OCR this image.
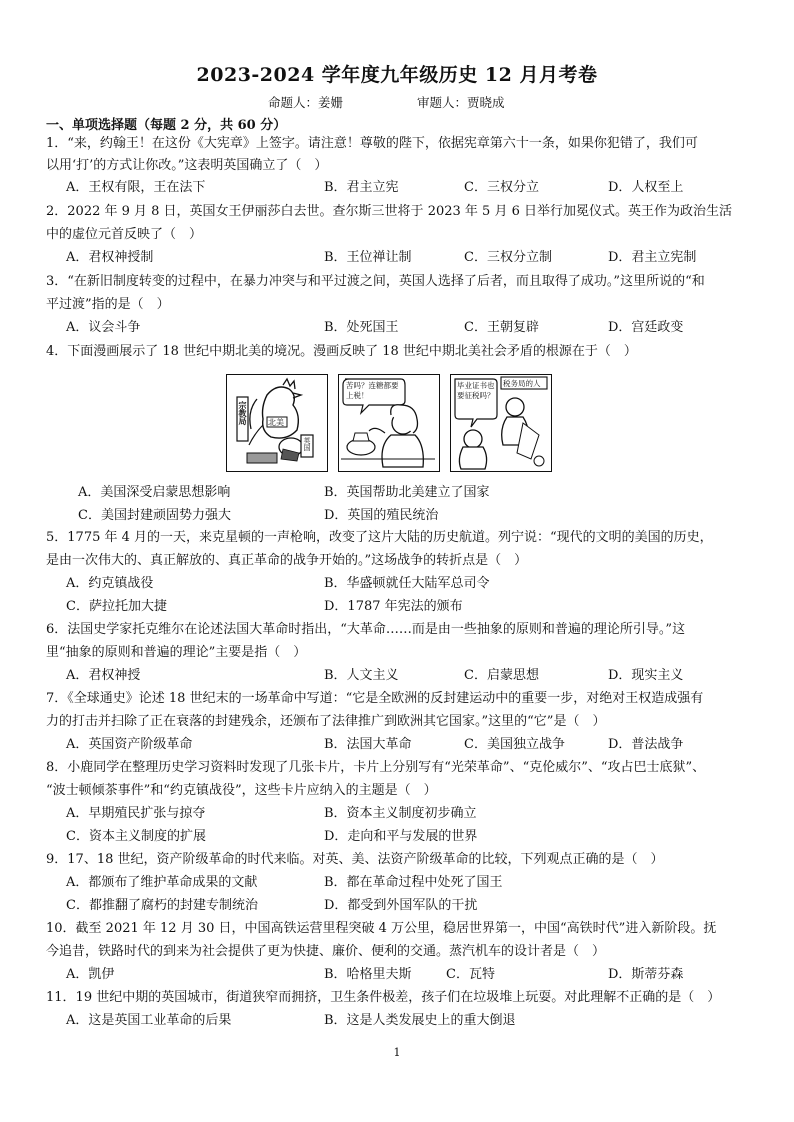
2023-2024 学年度九年级历史 12 月月考卷
命题人：姜姗	审题人：贾晓成
一、单项选择题（每题 2 分，共 60 分）
1．“来，约翰王！在这份《大宪章》上签字。请注意！尊敬的陛下，依据宪章第六十一条，如果你犯错了，我们可
以用‘打’的方式让你改。”这表明英国确立了（　）
A．王权有限，王在法下	B．君主立宪	C．三权分立	D．人权至上
2．2022 年 9 月 8 日，英国女王伊丽莎白去世。查尔斯三世将于 2023 年 5 月 6 日举行加冕仪式。英王作为政治生活
中的虚位元首反映了（　）
A．君权神授制	B．王位禅让制	C．三权分立制	D．君主立宪制
3．“在新旧制度转变的过程中，在暴力冲突与和平过渡之间，英国人选择了后者，而且取得了成功。”这里所说的“和
平过渡”指的是（　）
A．议会斗争	B．处死国王	C．王朝复辟	D．宫廷政变
4．下面漫画展示了 18 世纪中期北美的境况。漫画反映了 18 世纪中期北美社会矛盾的根源在于（　）
北美
英国
宗教局
苦吗？连糖都要上税！
毕业证书也要征税吗？
税务局的人
A．美国深受启蒙思想影响	B．英国帮助北美建立了国家
C．美国封建顽固势力强大	D．英国的殖民统治
5．1775 年 4 月的一天，来克星顿的一声枪响，改变了这片大陆的历史航道。列宁说：“现代的文明的美国的历史，
是由一次伟大的、真正解放的、真正革命的战争开始的。”这场战争的转折点是（　）
A．约克镇战役	B．华盛顿就任大陆军总司令
C．萨拉托加大捷	D．1787 年宪法的颁布
6．法国史学家托克维尔在论述法国大革命时指出，“大革命……而是由一些抽象的原则和普遍的理论所引导。”这
里“抽象的原则和普遍的理论”主要是指（　）
A．君权神授	B．人文主义	C．启蒙思想	D．现实主义
7．《全球通史》论述 18 世纪末的一场革命中写道：“它是全欧洲的反封建运动中的重要一步，对绝对王权造成强有
力的打击并扫除了正在衰落的封建残余，还颁布了法律推广到欧洲其它国家。”这里的“它”是（　）
A．英国资产阶级革命	B．法国大革命	C．美国独立战争	D．普法战争
8．小鹿同学在整理历史学习资料时发现了几张卡片，卡片上分别写有“光荣革命”、“克伦威尔”、“攻占巴士底狱”、
“波士顿倾茶事件”和“约克镇战役”，这些卡片应纳入的主题是（　）
A．早期殖民扩张与掠夺	B．资本主义制度初步确立
C．资本主义制度的扩展	D．走向和平与发展的世界
9．17、18 世纪，资产阶级革命的时代来临。对英、美、法资产阶级革命的比较，下列观点正确的是（　）
A．都颁布了维护革命成果的文献	B．都在革命过程中处死了国王
C．都推翻了腐朽的封建专制统治	D．都受到外国军队的干扰
10．截至 2021 年 12 月 30 日，中国高铁运营里程突破 4 万公里，稳居世界第一，中国“高铁时代”进入新阶段。抚
今追昔，铁路时代的到来为社会提供了更为快捷、廉价、便利的交通。蒸汽机车的设计者是（　）
A．凯伊	B．哈格里夫斯	C．瓦特	D．斯蒂芬森
11．19 世纪中期的英国城市，街道狭窄而拥挤，卫生条件极差，孩子们在垃圾堆上玩耍。对此理解不正确的是（　）
A．这是英国工业革命的后果	B．这是人类发展史上的重大倒退
1
